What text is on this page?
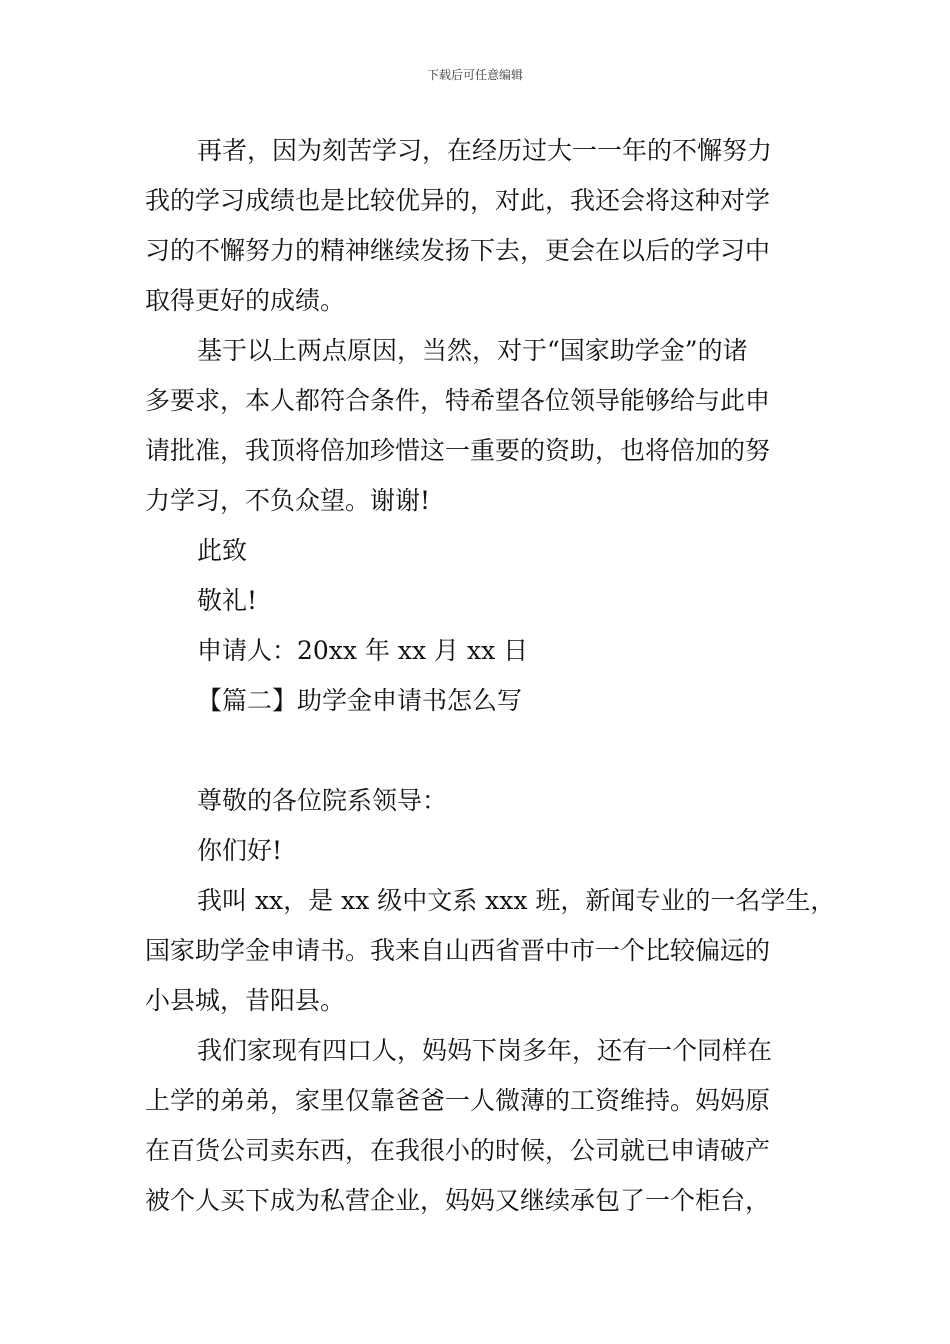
下载后可任意编辑
再者，因为刻苦学习，在经历过大一一年的不懈努力
我的学习成绩也是比较优异的，对此，我还会将这种对学
习的不懈努力的精神继续发扬下去，更会在以后的学习中
取得更好的成绩。
基于以上两点原因，当然，对于“国家助学金”的诸
多要求，本人都符合条件，特希望各位领导能够给与此申
请批准，我顶将倍加珍惜这一重要的资助，也将倍加的努
力学习，不负众望。谢谢!
此致
敬礼!
申请人：20xx 年 xx 月 xx 日
【篇二】助学金申请书怎么写
尊敬的各位院系领导：
你们好!
我叫 xx，是 xx 级中文系 xxx 班，新闻专业的一名学生，
国家助学金申请书。我来自山西省晋中市一个比较偏远的
小县城，昔阳县。
我们家现有四口人，妈妈下岗多年，还有一个同样在
上学的弟弟，家里仅靠爸爸一人微薄的工资维持。妈妈原
在百货公司卖东西，在我很小的时候，公司就已申请破产
被个人买下成为私营企业，妈妈又继续承包了一个柜台，
